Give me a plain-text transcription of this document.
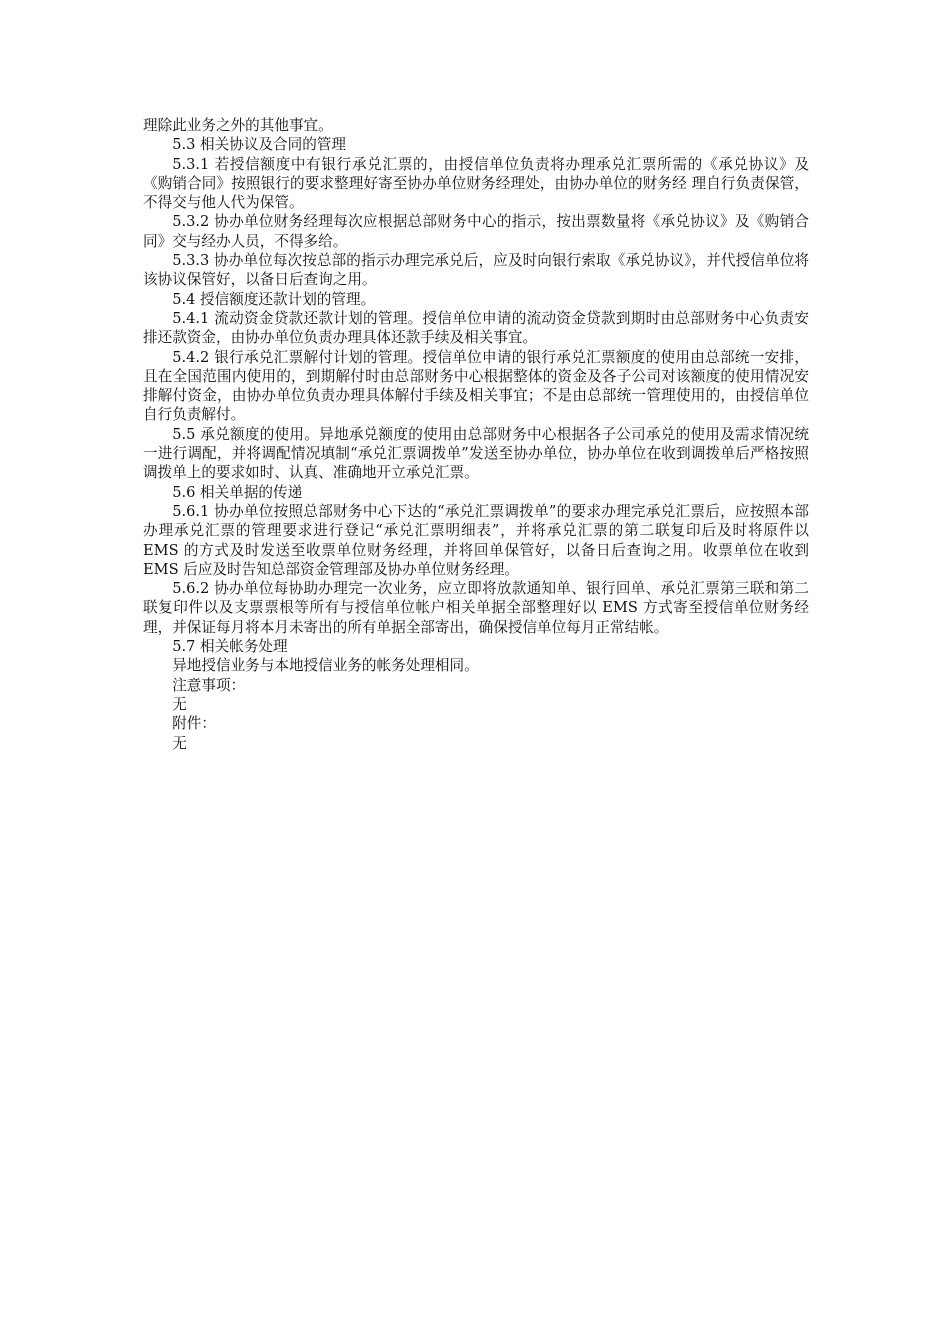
理除此业务之外的其他事宜。

5.3 相关协议及合同的管理

5.3.1 若授信额度中有银行承兑汇票的，由授信单位负责将办理承兑汇票所需的《承兑协议》及《购销合同》按照银行的要求整理好寄至协办单位财务经理处，由协办单位的财务经 理自行负责保管，不得交与他人代为保管。

5.3.2 协办单位财务经理每次应根据总部财务中心的指示，按出票数量将《承兑协议》及《购销合同》交与经办人员，不得多给。

5.3.3 协办单位每次按总部的指示办理完承兑后，应及时向银行索取《承兑协议》，并代授信单位将该协议保管好，以备日后查询之用。

5.4 授信额度还款计划的管理。

5.4.1 流动资金贷款还款计划的管理。授信单位申请的流动资金贷款到期时由总部财务中心负责安排还款资金，由协办单位负责办理具体还款手续及相关事宜。

5.4.2 银行承兑汇票解付计划的管理。授信单位申请的银行承兑汇票额度的使用由总部统一安排，且在全国范围内使用的，到期解付时由总部财务中心根据整体的资金及各子公司对该额度的使用情况安排解付资金，由协办单位负责办理具体解付手续及相关事宜；不是由总部统一管理使用的，由授信单位自行负责解付。

5.5 承兑额度的使用。异地承兑额度的使用由总部财务中心根据各子公司承兑的使用及需求情况统一进行调配，并将调配情况填制“承兑汇票调拨单”发送至协办单位，协办单位在收到调拨单后严格按照调拨单上的要求如时、认真、准确地开立承兑汇票。

5.6 相关单据的传递

5.6.1 协办单位按照总部财务中心下达的“承兑汇票调拨单”的要求办理完承兑汇票后，应按照本部办理承兑汇票的管理要求进行登记“承兑汇票明细表”，并将承兑汇票的第二联复印后及时将原件以 EMS 的方式及时发送至收票单位财务经理，并将回单保管好，以备日后查询之用。收票单位在收到 EMS 后应及时告知总部资金管理部及协办单位财务经理。

5.6.2 协办单位每协助办理完一次业务，应立即将放款通知单、银行回单、承兑汇票第三联和第二联复印件以及支票票根等所有与授信单位帐户相关单据全部整理好以 EMS 方式寄至授信单位财务经理，并保证每月将本月未寄出的所有单据全部寄出，确保授信单位每月正常结帐。

5.7 相关帐务处理

异地授信业务与本地授信业务的帐务处理相同。

注意事项：

无

附件：

无
